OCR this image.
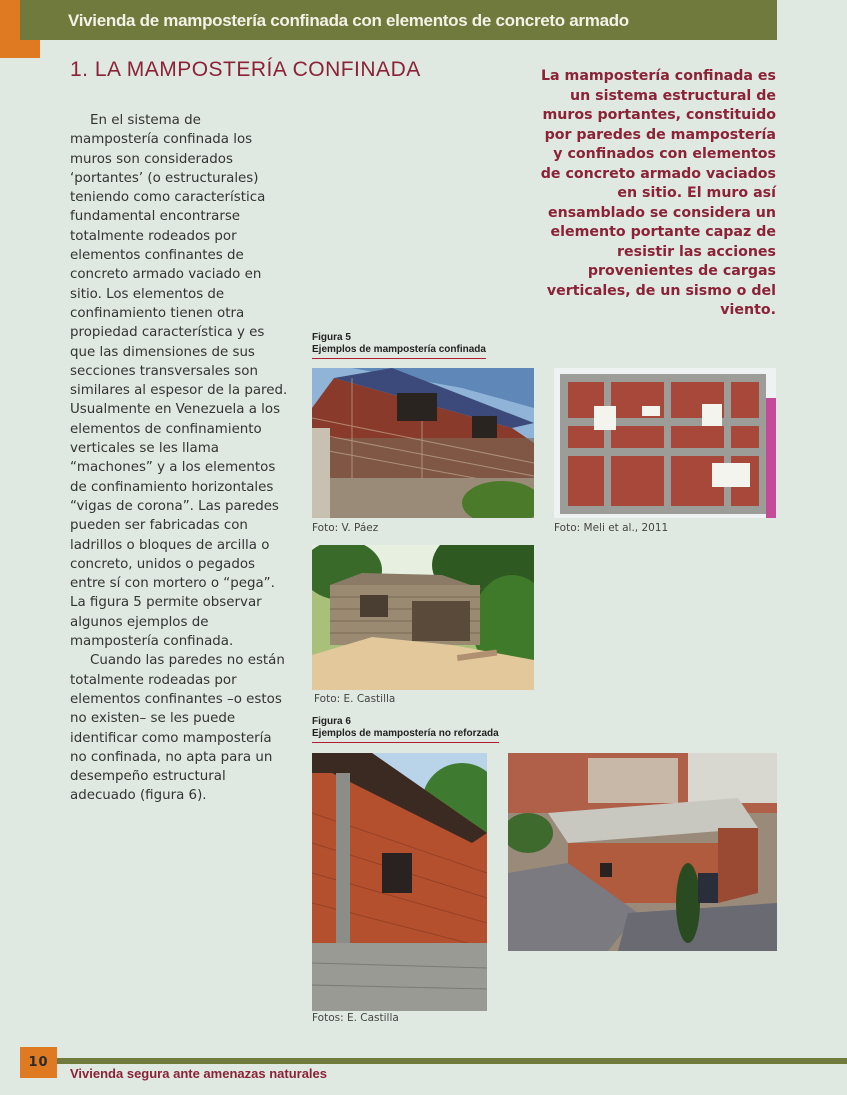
Vivienda de mampostería confinada con elementos de concreto armado
1. LA MAMPOSTERÍA CONFINADA

En el sistema de mampostería confinada los muros son considerados ‘portantes’ (o estructurales) teniendo como característica fundamental encontrarse totalmente rodeados por elementos confinantes de concreto armado vaciado en sitio. Los elementos de confinamiento tienen otra propiedad característica y es que las dimensiones de sus secciones transversales son similares al espesor de la pared. Usualmente en Venezuela a los elementos de confinamiento verticales se les llama “machones” y a los elementos de confinamiento horizontales “vigas de corona”. Las paredes pueden ser fabricadas con ladrillos o bloques de arcilla o concreto, unidos o pegados entre sí con mortero o “pega”. La figura 5 permite observar algunos ejemplos de mampostería confinada.

Cuando las paredes no están totalmente rodeadas por elementos confinantes –o estos no existen– se les puede identificar como mampostería no confinada, no apta para un desempeño estructural adecuado (figura 6).

La mampostería confinada es un sistema estructural de muros portantes, constituido por paredes de mampostería y confinados con elementos de concreto armado vaciados en sitio. El muro así ensamblado se considera un elemento portante capaz de resistir las acciones provenientes de cargas verticales, de un sismo o del viento.
Figura 5
Ejemplos de mampostería confinada
Foto: V. Páez	Foto: Meli et al., 2011
Foto: E. Castilla
Figura 6
Ejemplos de mampostería no reforzada
Fotos: E. Castilla
10
Vivienda segura ante amenazas naturales
